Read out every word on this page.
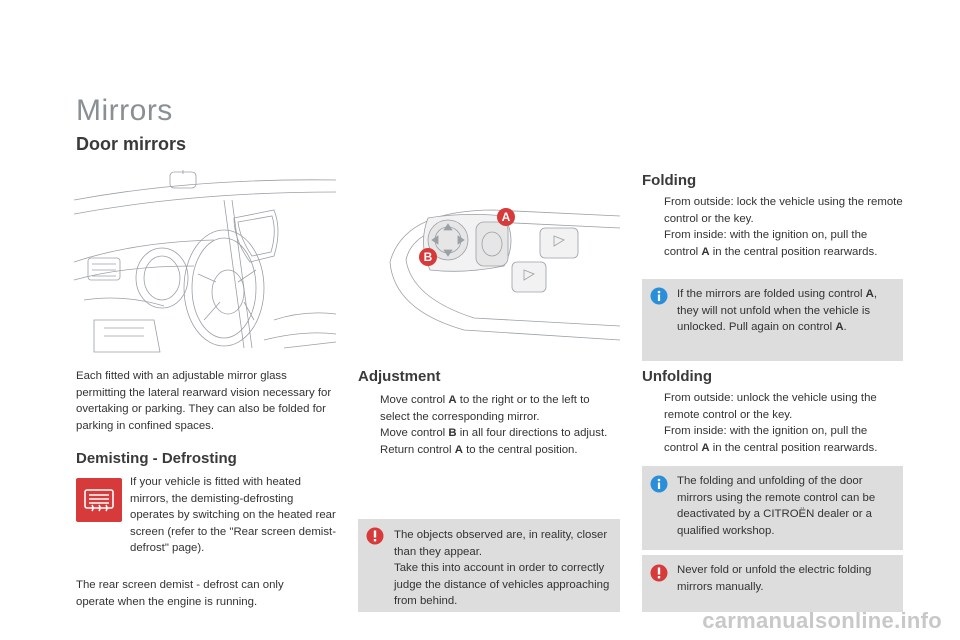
Mirrors
Door mirrors
Each fitted with an adjustable mirror glass permitting the lateral rearward vision necessary for overtaking or parking. They can also be folded for parking in confined spaces.
Demisting - Defrosting
If your vehicle is fitted with heated mirrors, the demisting-defrosting operates by switching on the heated rear screen (refer to the "Rear screen demist-defrost" page).
The rear screen demist - defrost can only operate when the engine is running.
A
B
Adjustment
Move control A to the right or to the left to select the corresponding mirror.
Move control B in all four directions to adjust.
Return control A to the central position.
The objects observed are, in reality, closer than they appear.
Take this into account in order to correctly judge the distance of vehicles approaching from behind.
Folding
From outside: lock the vehicle using the remote control or the key.
From inside: with the ignition on, pull the control A in the central position rearwards.
If the mirrors are folded using control A, they will not unfold when the vehicle is unlocked. Pull again on control A.
Unfolding
From outside: unlock the vehicle using the remote control or the key.
From inside: with the ignition on, pull the control A in the central position rearwards.
The folding and unfolding of the door mirrors using the remote control can be deactivated by a CITROËN dealer or a qualified workshop.
Never fold or unfold the electric folding mirrors manually.
carmanualsonline.info
